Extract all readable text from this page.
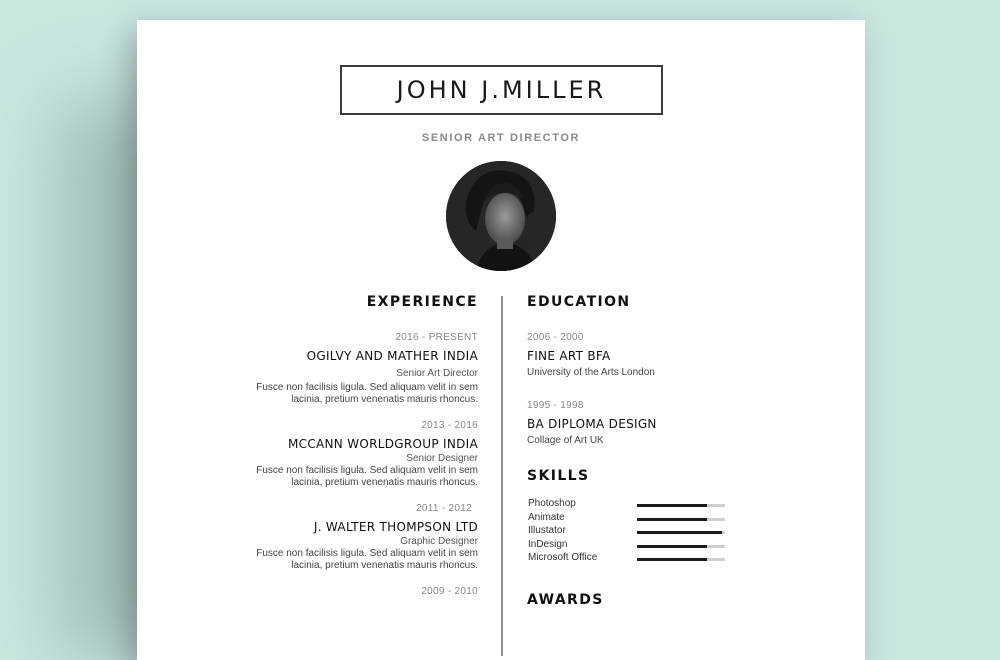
JOHN J.MILLER
SENIOR ART DIRECTOR
EXPERIENCE
2016 - PRESENT
OGILVY AND MATHER INDIA
Senior Art Director
Fusce non facilisis ligula. Sed aliquam velit in sem
lacinia, pretium venenatis mauris rhoncus.
2013 - 2016
MCCANN WORLDGROUP INDIA
Senior Designer
Fusce non facilisis ligula. Sed aliquam velit in sem
lacinia, pretium venenatis mauris rhoncus.
2011 - 2012
J. WALTER THOMPSON LTD
Graphic Designer
Fusce non facilisis ligula. Sed aliquam velit in sem
lacinia, pretium venenatis mauris rhoncus.
2009 - 2010
EDUCATION
2006 - 2000
FINE ART BFA
University of the Arts London
1995 - 1998
BA DIPLOMA DESIGN
Collage of Art UK
SKILLS
Photoshop
Animate
Illustator
InDesign
Microsoft Office
AWARDS
